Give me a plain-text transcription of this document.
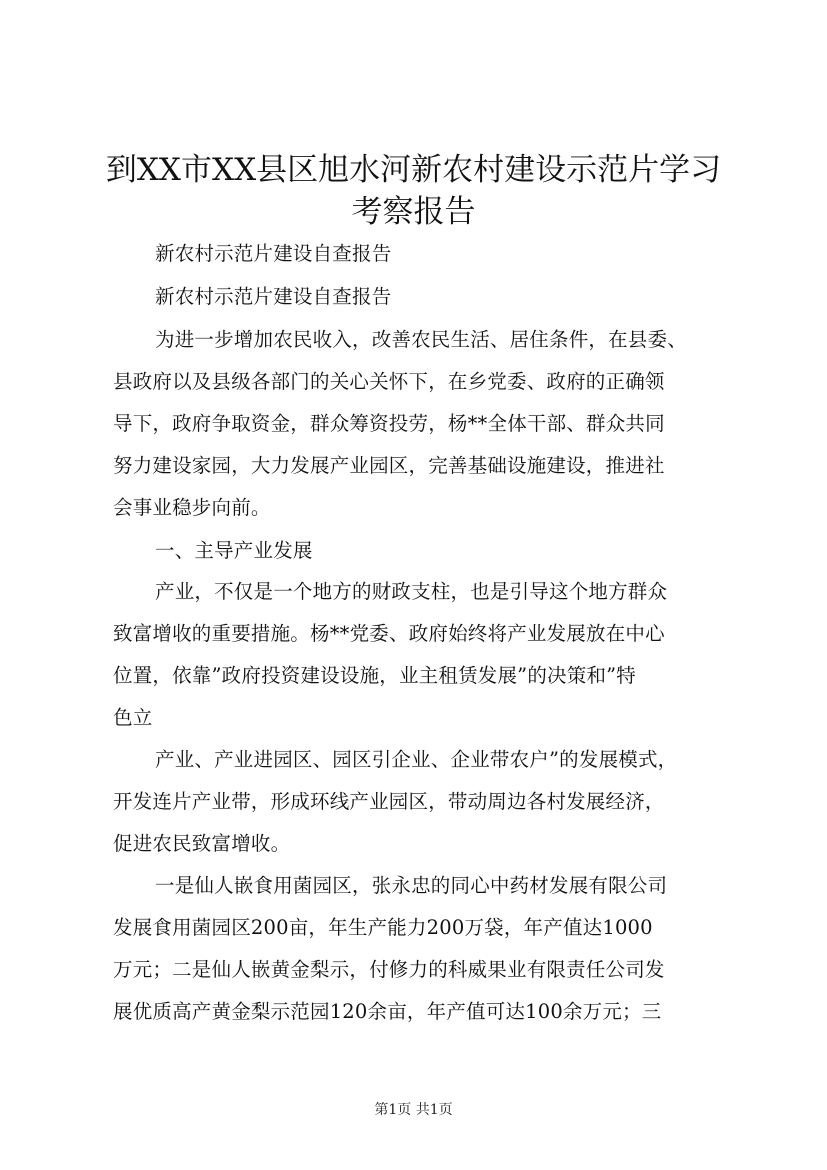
到XX市XX县区旭水河新农村建设示范片学习
考察报告

新农村示范片建设自查报告

新农村示范片建设自查报告

为进一步增加农民收入，改善农民生活、居住条件，在县委、

县政府以及县级各部门的关心关怀下，在乡党委、政府的正确领

导下，政府争取资金，群众筹资投劳，杨**全体干部、群众共同

努力建设家园，大力发展产业园区，完善基础设施建设，推进社

会事业稳步向前。

一、主导产业发展

产业，不仅是一个地方的财政支柱，也是引导这个地方群众

致富增收的重要措施。杨**党委、政府始终将产业发展放在中心

位置，依靠”政府投资建设设施，业主租赁发展”的决策和”特

色立

产业、产业进园区、园区引企业、企业带农户”的发展模式，

开发连片产业带，形成环线产业园区，带动周边各村发展经济，

促进农民致富增收。

一是仙人嵌食用菌园区，张永忠的同心中药材发展有限公司

发展食用菌园区200亩，年生产能力200万袋，年产值达1000

万元；二是仙人嵌黄金梨示，付修力的科威果业有限责任公司发

展优质高产黄金梨示范园120余亩，年产值可达100余万元；三

第1页 共1页
